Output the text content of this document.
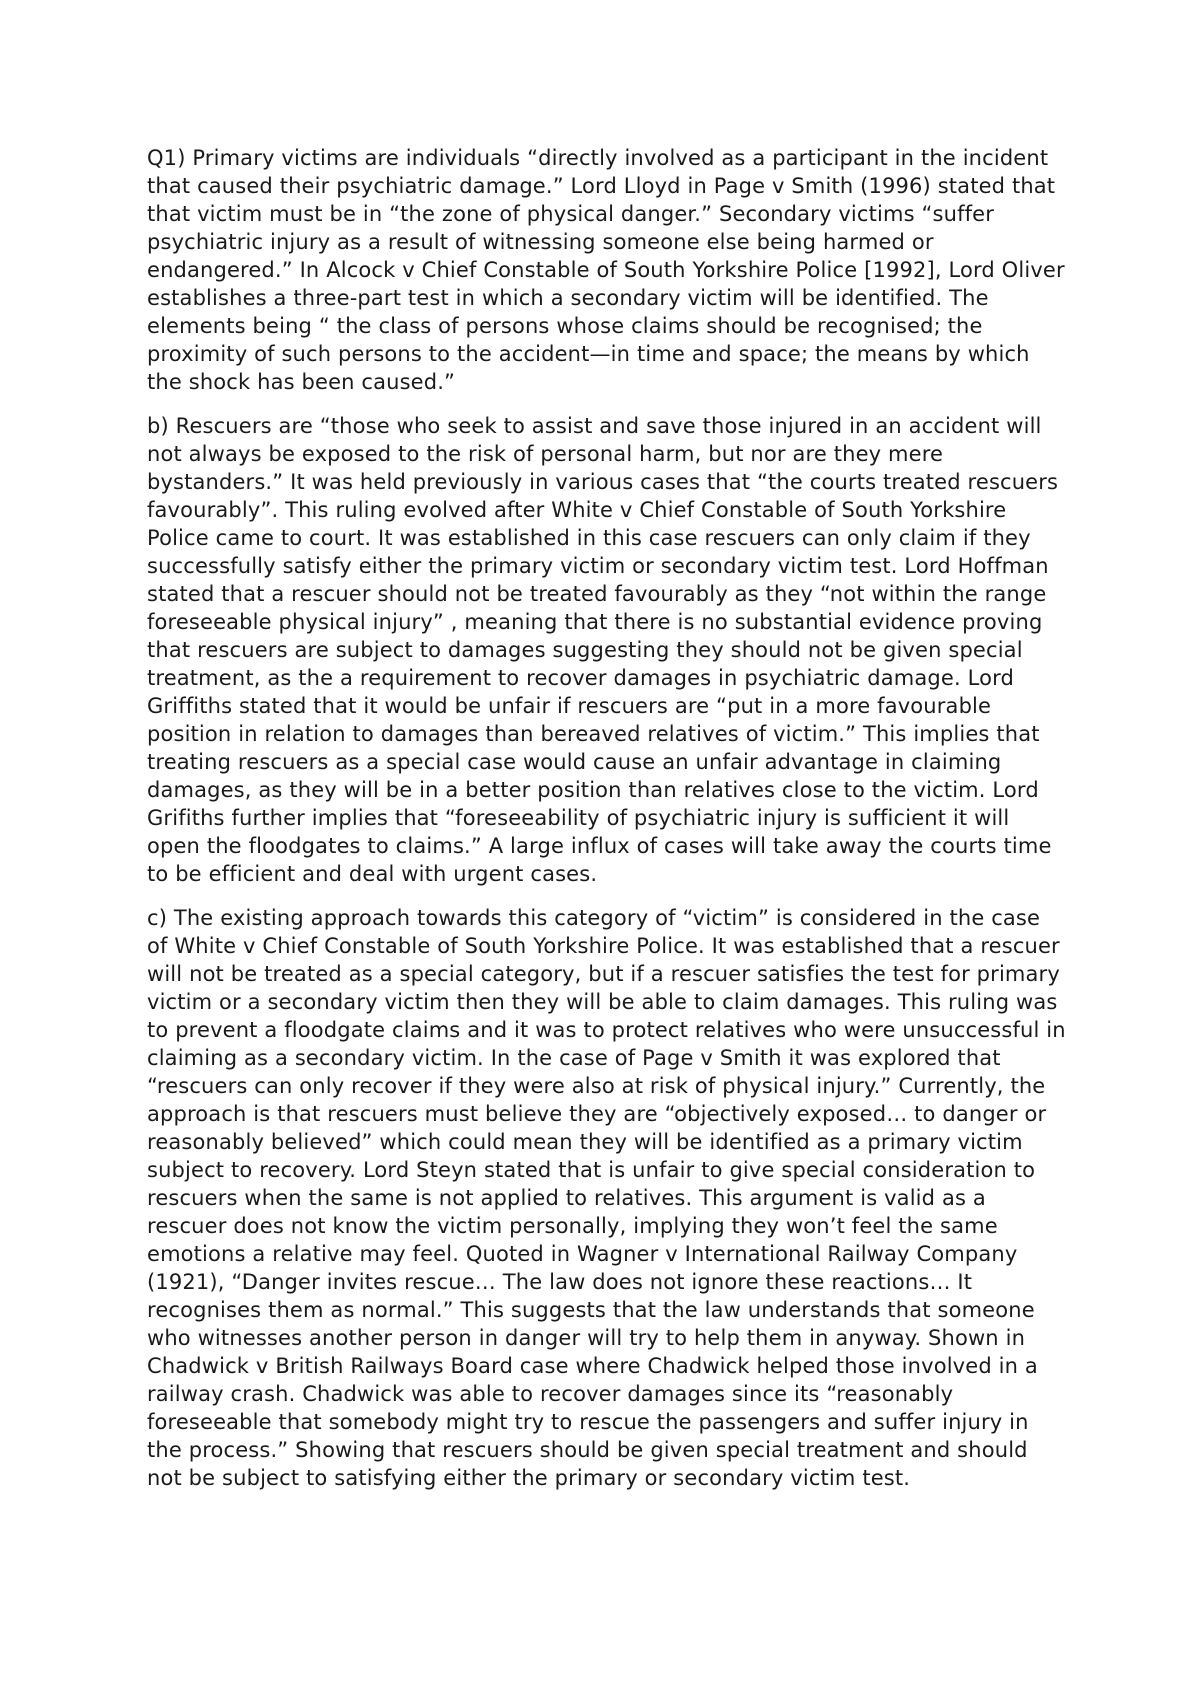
Q1) Primary victims are individuals “directly involved as a participant in the incident that caused their psychiatric damage.” Lord Lloyd in Page v Smith (1996) stated that that victim must be in “the zone of physical danger.” Secondary victims “suffer psychiatric injury as a result of witnessing someone else being harmed or endangered.” In Alcock v Chief Constable of South Yorkshire Police [1992], Lord Oliver establishes a three-part test in which a secondary victim will be identified. The elements being “ the class of persons whose claims should be recognised; the proximity of such persons to the accident—in time and space; the means by which the shock has been caused.”

b) Rescuers are “those who seek to assist and save those injured in an accident will not always be exposed to the risk of personal harm, but nor are they mere bystanders.” It was held previously in various cases that “the courts treated rescuers favourably”. This ruling evolved after White v Chief Constable of South Yorkshire Police came to court. It was established in this case rescuers can only claim if they successfully satisfy either the primary victim or secondary victim test. Lord Hoffman stated that a rescuer should not be treated favourably as they “not within the range foreseeable physical injury” , meaning that there is no substantial evidence proving that rescuers are subject to damages suggesting they should not be given special treatment, as the a requirement to recover damages in psychiatric damage. Lord Griffiths stated that it would be unfair if rescuers are “put in a more favourable position in relation to damages than bereaved relatives of victim.” This implies that treating rescuers as a special case would cause an unfair advantage in claiming damages, as they will be in a better position than relatives close to the victim. Lord Grifiths further implies that “foreseeability of psychiatric injury is sufficient it will open the floodgates to claims.” A large influx of cases will take away the courts time to be efficient and deal with urgent cases.

c) The existing approach towards this category of “victim” is considered in the case of White v Chief Constable of South Yorkshire Police. It was established that a rescuer will not be treated as a special category, but if a rescuer satisfies the test for primary victim or a secondary victim then they will be able to claim damages. This ruling was to prevent a floodgate claims and it was to protect relatives who were unsuccessful in claiming as a secondary victim. In the case of Page v Smith it was explored that “rescuers can only recover if they were also at risk of physical injury.” Currently, the approach is that rescuers must believe they are “objectively exposed… to danger or reasonably believed” which could mean they will be identified as a primary victim subject to recovery. Lord Steyn stated that is unfair to give special consideration to rescuers when the same is not applied to relatives. This argument is valid as a rescuer does not know the victim personally, implying they won’t feel the same emotions a relative may feel. Quoted in Wagner v International Railway Company (1921), “Danger invites rescue… The law does not ignore these reactions… It recognises them as normal.” This suggests that the law understands that someone who witnesses another person in danger will try to help them in anyway. Shown in Chadwick v British Railways Board case where Chadwick helped those involved in a railway crash. Chadwick was able to recover damages since its “reasonably foreseeable that somebody might try to rescue the passengers and suffer injury in the process.” Showing that rescuers should be given special treatment and should not be subject to satisfying either the primary or secondary victim test.
